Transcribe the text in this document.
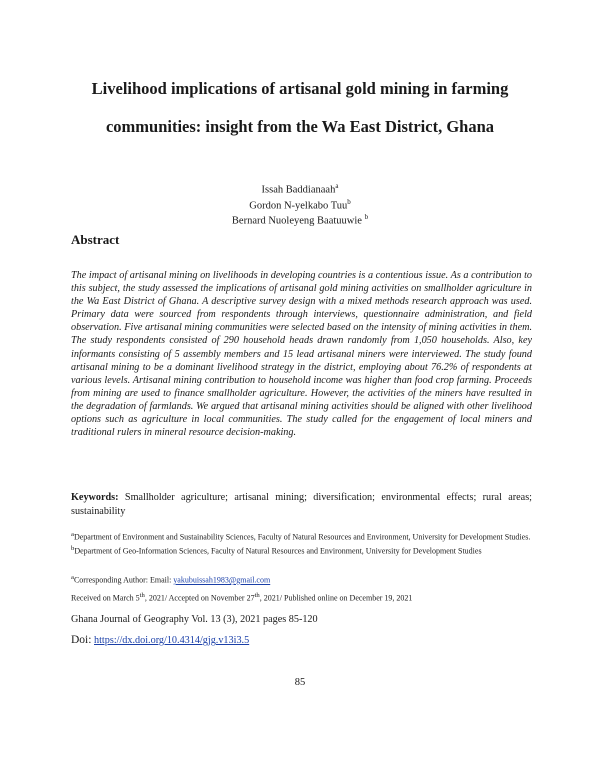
Livelihood implications of artisanal gold mining in farming
communities: insight from the Wa East District, Ghana
Issah Baddianaah$^a$
Gordon N-yelkabo Tuu$^b$
Bernard Nuoleyeng Baatuuwie $^b$
Abstract
The impact of artisanal mining on livelihoods in developing countries is a contentious issue. As a contribution to this subject, the study assessed the implications of artisanal gold mining activities on smallholder agriculture in the Wa East District of Ghana. A descriptive survey design with a mixed methods research approach was used. Primary data were sourced from respondents through interviews, questionnaire administration, and field observation. Five artisanal mining communities were selected based on the intensity of mining activities in them. The study respondents consisted of 290 household heads drawn randomly from 1,050 households. Also, key informants consisting of 5 assembly members and 15 lead artisanal miners were interviewed. The study found artisanal mining to be a dominant livelihood strategy in the district, employing about 76.2% of respondents at various levels. Artisanal mining contribution to household income was higher than food crop farming. Proceeds from mining are used to finance smallholder agriculture. However, the activities of the miners have resulted in the degradation of farmlands. We argued that artisanal mining activities should be aligned with other livelihood options such as agriculture in local communities. The study called for the engagement of local miners and traditional rulers in mineral resource decision-making.
Keywords: Smallholder agriculture; artisanal mining; diversification; environmental effects; rural areas; sustainability
$^a$Department of Environment and Sustainability Sciences, Faculty of Natural Resources and Environment, University for Development Studies. $^b$Department of Geo-Information Sciences, Faculty of Natural Resources and Environment, University for Development Studies
$^a$Corresponding Author: Email: yakubuissah1983@gmail.com
Received on March 5th, 2021/ Accepted on November 27th, 2021/ Published online on December 19, 2021
Ghana Journal of Geography Vol. 13 (3), 2021 pages 85-120
Doi: https://dx.doi.org/10.4314/gjg.v13i3.5
85
